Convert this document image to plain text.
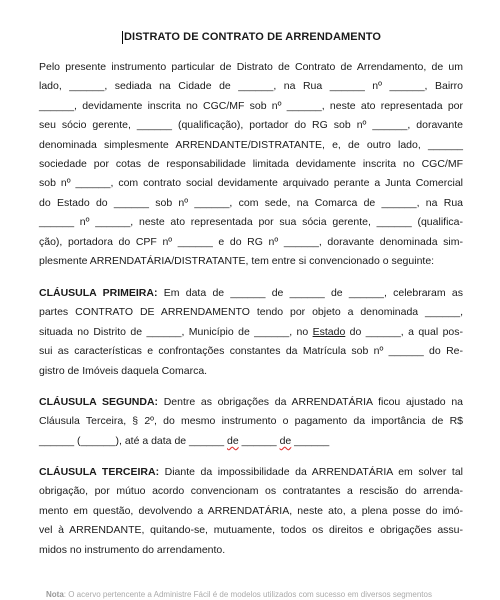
DISTRATO DE CONTRATO DE ARRENDAMENTO

Pelo presente instrumento particular de Distrato de Contrato de Arrendamento, de um
lado, ______, sediada na Cidade de ______, na Rua ______ nº ______, Bairro
______, devidamente inscrita no CGC/MF sob nº ______, neste ato representada por
seu sócio gerente, ______ (qualificação), portador do RG sob nº ______, doravante
denominada simplesmente ARRENDANTE/DISTRATANTE, e, de outro lado, ______
sociedade por cotas de responsabilidade limitada devidamente inscrita no CGC/MF
sob nº ______, com contrato social devidamente arquivado perante a Junta Comercial
do Estado do ______ sob nº ______, com sede, na Comarca de ______, na Rua
______ nº ______, neste ato representada por sua sócia gerente, ______ (qualifica-
ção), portadora do CPF nº ______ e do RG nº ______, doravante denominada sim-
plesmente ARRENDATÁRIA/DISTRATANTE, tem entre si convencionado o seguinte:

CLÁUSULA PRIMEIRA: Em data de ______ de ______ de ______, celebraram as
partes CONTRATO DE ARRENDAMENTO tendo por objeto a denominada ______,
situada no Distrito de ______, Município de ______, no Estado do ______, a qual pos-
sui as características e confrontações constantes da Matrícula sob nº ______ do Re-
gistro de Imóveis daquela Comarca.

CLÁUSULA SEGUNDA: Dentre as obrigações da ARRENDATÁRIA ficou ajustado na
Cláusula Terceira, § 2º, do mesmo instrumento o pagamento da importância de R$
______ (______), até a data de ______ de ______ de ______

CLÁUSULA TERCEIRA: Diante da impossibilidade da ARRENDATÁRIA em solver tal
obrigação, por mútuo acordo convencionam os contratantes a rescisão do arrenda-
mento em questão, devolvendo a ARRENDATÁRIA, neste ato, a plena posse do imó-
vel à ARRENDANTE, quitando-se, mutuamente, todos os direitos e obrigações assu-
midos no instrumento do arrendamento.

Nota: O acervo pertencente a Administre Fácil é de modelos utilizados com sucesso em diversos segmentos
